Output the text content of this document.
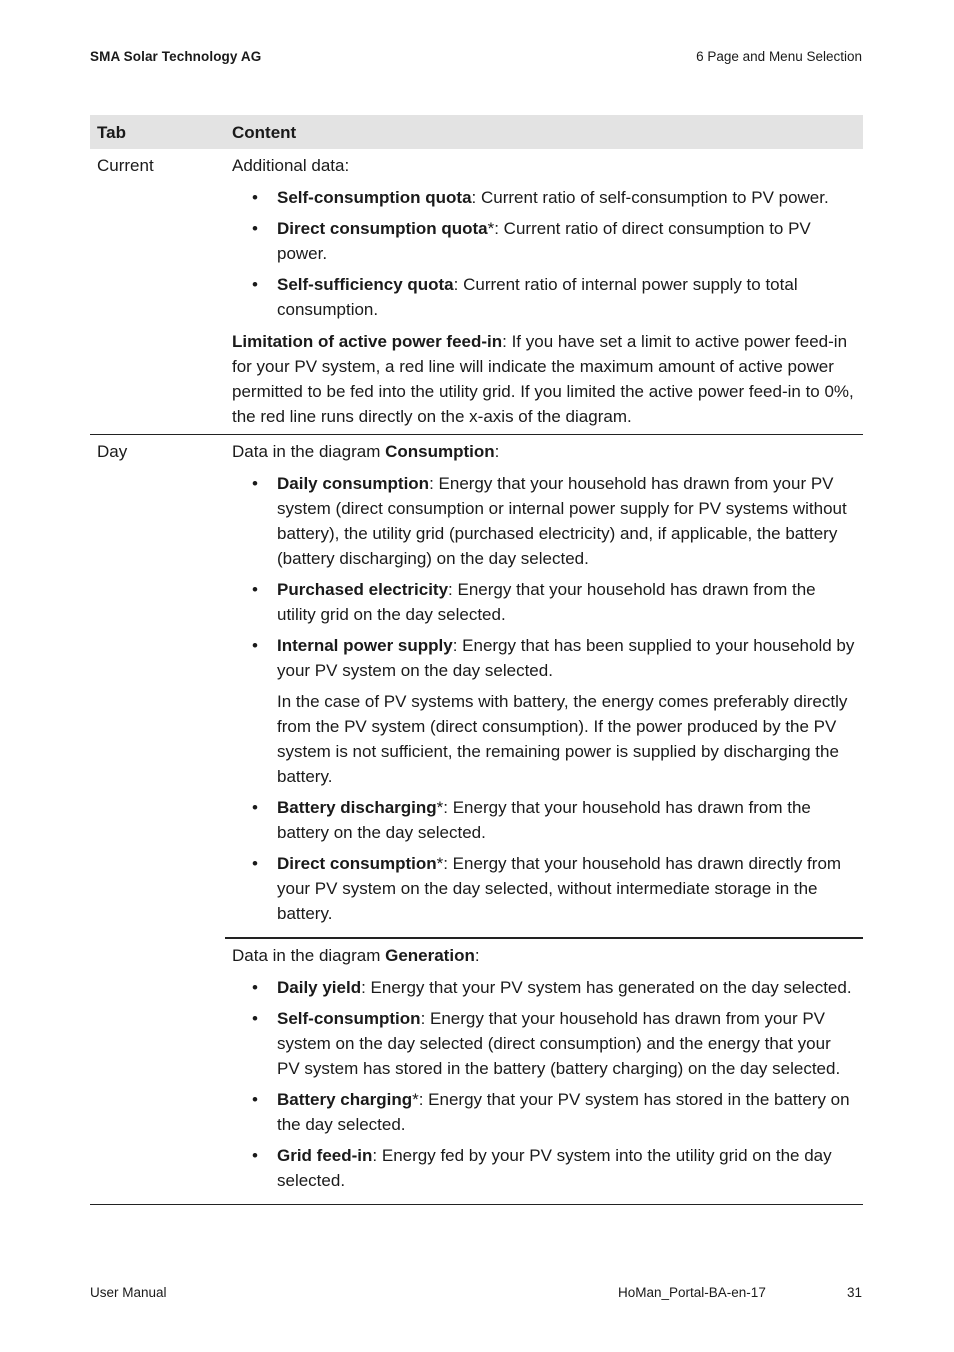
SMA Solar Technology AG	6 Page and Menu Selection
Tab	Content
Current	Additional data:

• Self-consumption quota: Current ratio of self-consumption to PV power.
• Direct consumption quota*: Current ratio of direct consumption to PV power.
• Self-sufficiency quota: Current ratio of internal power supply to total consumption.

Limitation of active power feed-in: If you have set a limit to active power feed-in for your PV system, a red line will indicate the maximum amount of active power permitted to be fed into the utility grid. If you limited the active power feed-in to 0%, the red line runs directly on the x-axis of the diagram.

Day	Data in the diagram Consumption:

• Daily consumption: Energy that your household has drawn from your PV system (direct consumption or internal power supply for PV systems without battery), the utility grid (purchased electricity) and, if applicable, the battery (battery discharging) on the day selected.
• Purchased electricity: Energy that your household has drawn from the utility grid on the day selected.
• Internal power supply: Energy that has been supplied to your household by your PV system on the day selected.
In the case of PV systems with battery, the energy comes preferably directly from the PV system (direct consumption). If the power produced by the PV system is not sufficient, the remaining power is supplied by discharging the battery.
• Battery discharging*: Energy that your household has drawn from the battery on the day selected.
• Direct consumption*: Energy that your household has drawn directly from your PV system on the day selected, without intermediate storage in the battery.

Data in the diagram Generation:

• Daily yield: Energy that your PV system has generated on the day selected.
• Self-consumption: Energy that your household has drawn from your PV system on the day selected (direct consumption) and the energy that your PV system has stored in the battery (battery charging) on the day selected.
• Battery charging*: Energy that your PV system has stored in the battery on the day selected.
• Grid feed-in: Energy fed by your PV system into the utility grid on the day selected.
User Manual	HoMan_Portal-BA-en-17	31
